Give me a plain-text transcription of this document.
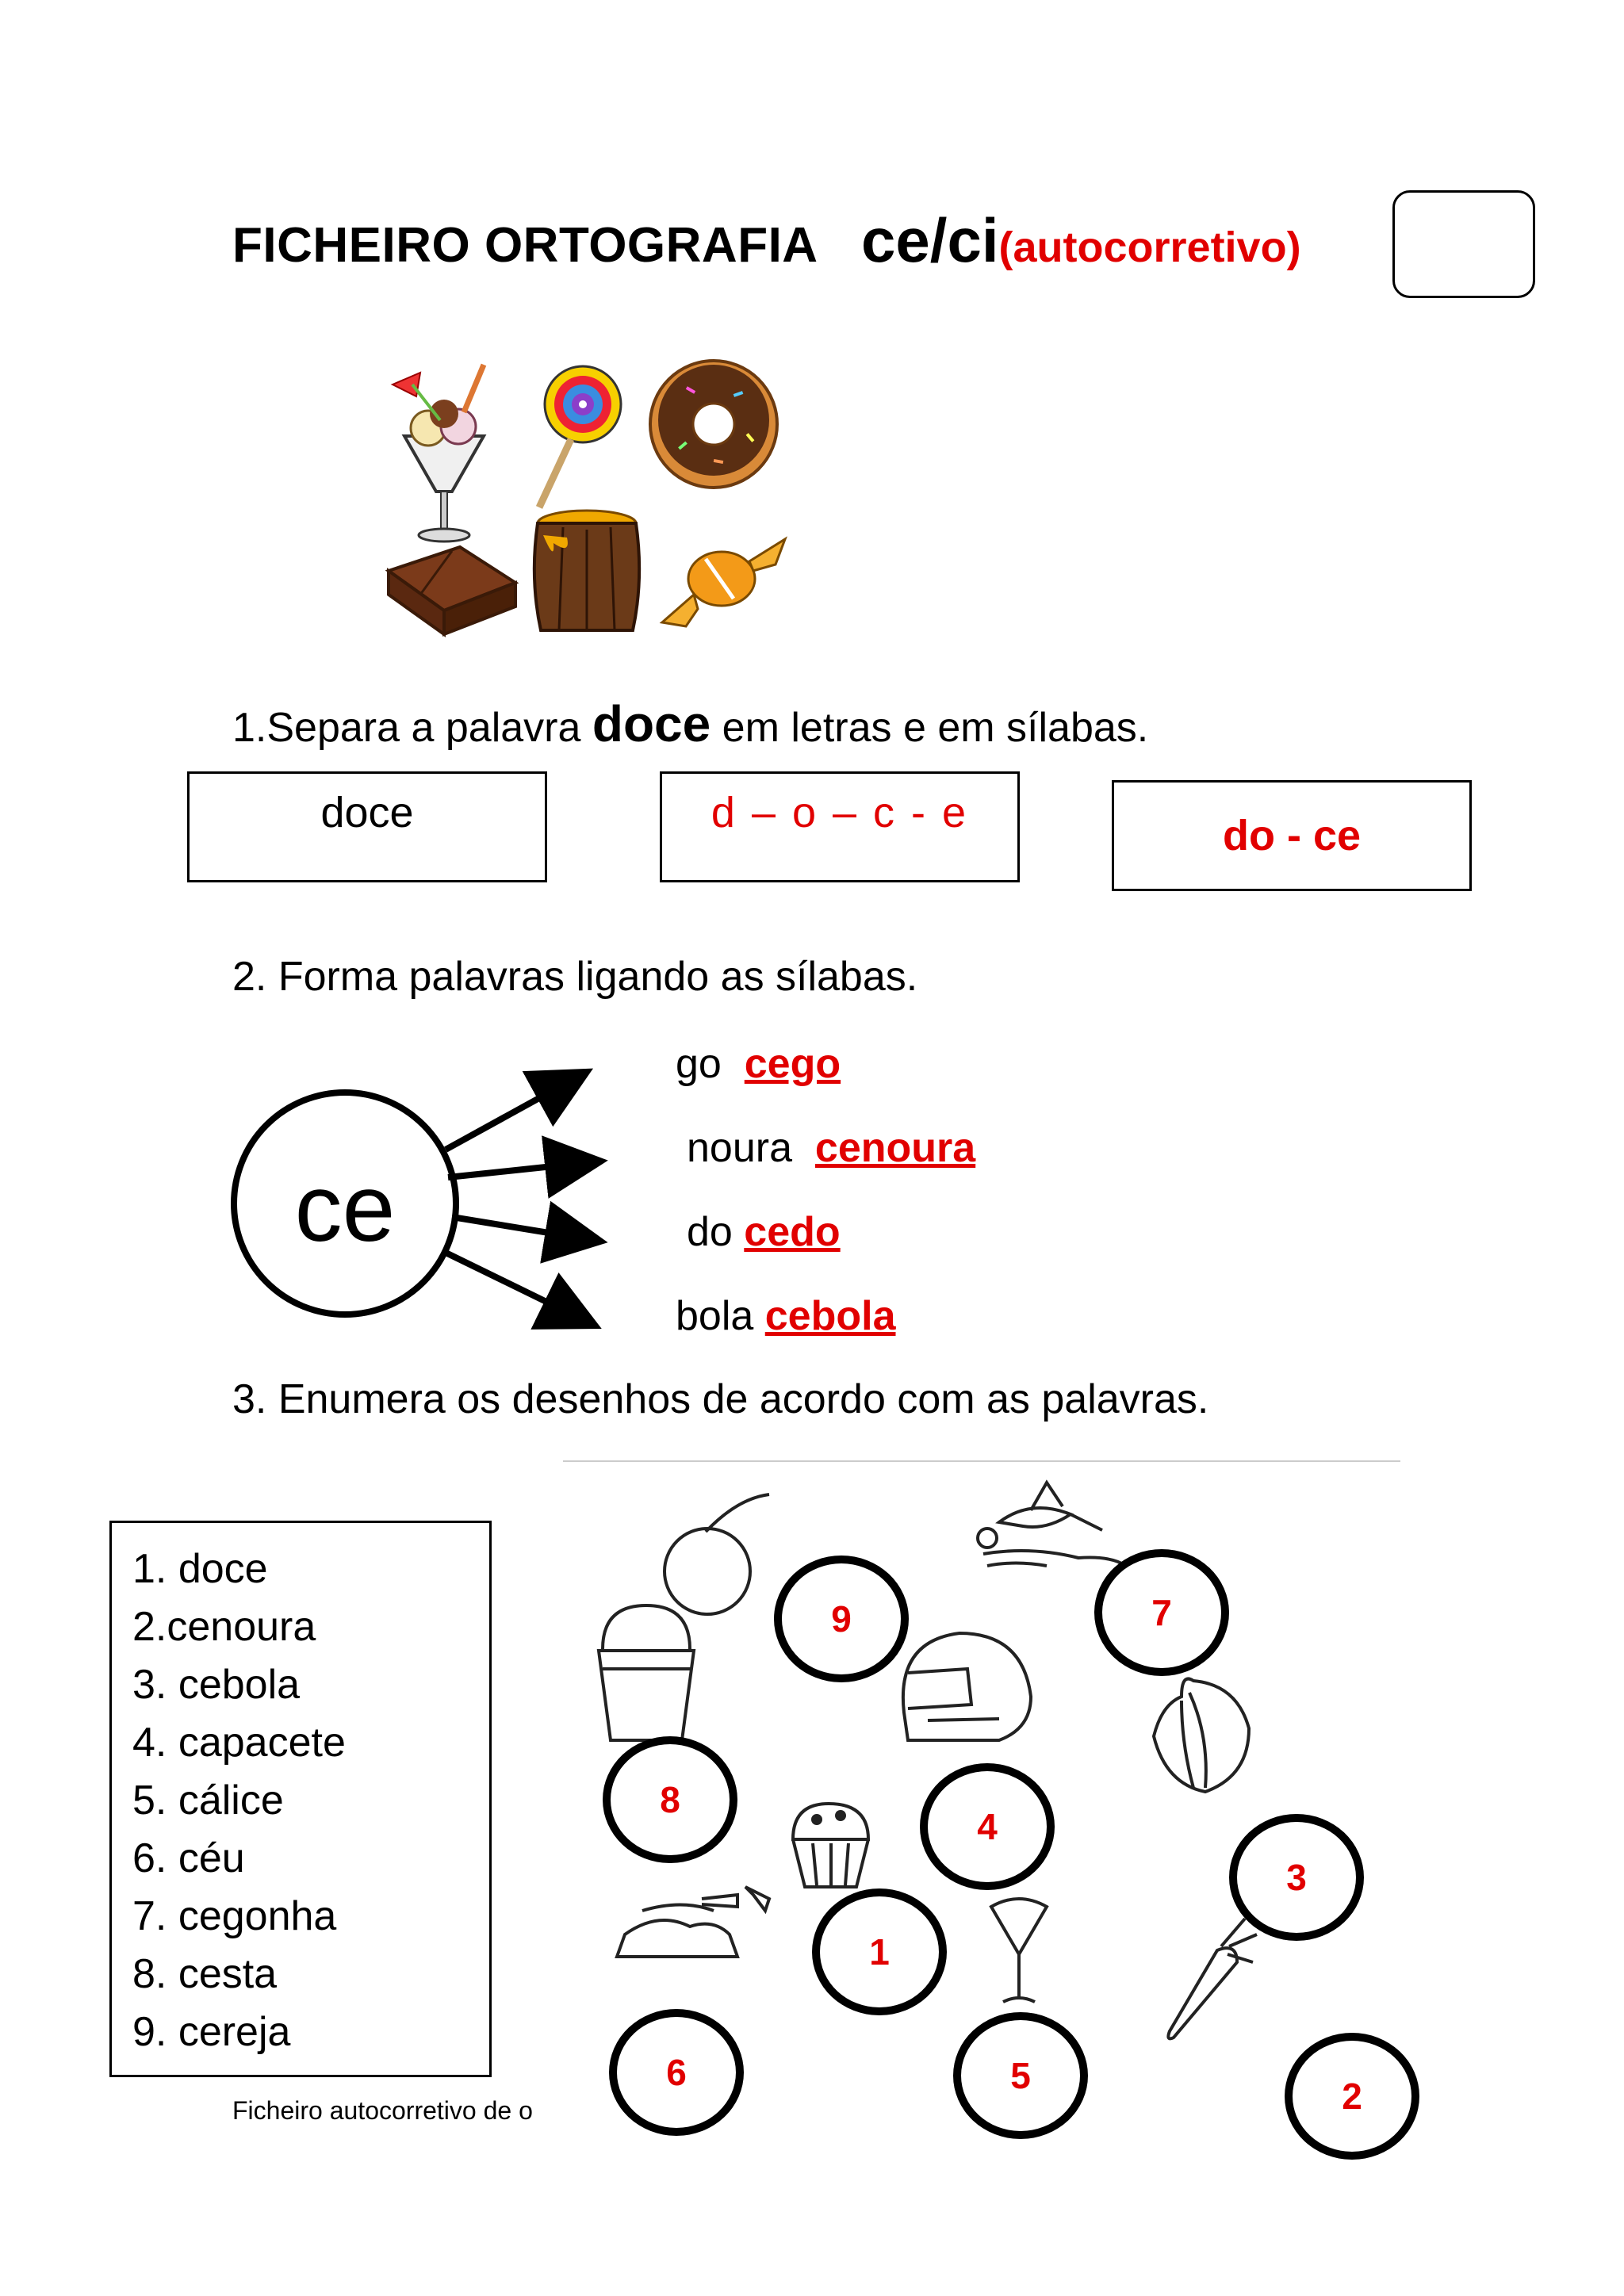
FICHEIRO ORTOGRAFIA ce/ci(autocorretivo)
1.Separa a palavra doce em letras e em sílabas.
doce	d – o – c - e	do - ce
2. Forma palavras ligando as sílabas.
ce
go cego
noura cenoura
do cedo
bola cebola
3. Enumera os desenhos de acordo com as palavras.
1. doce
2.cenoura
3. cebola
4. capacete
5. cálice
6. céu
7. cegonha
8. cesta
9. cereja
9	7
8
4
3
1
6	5	2
Ficheiro autocorretivo de o
